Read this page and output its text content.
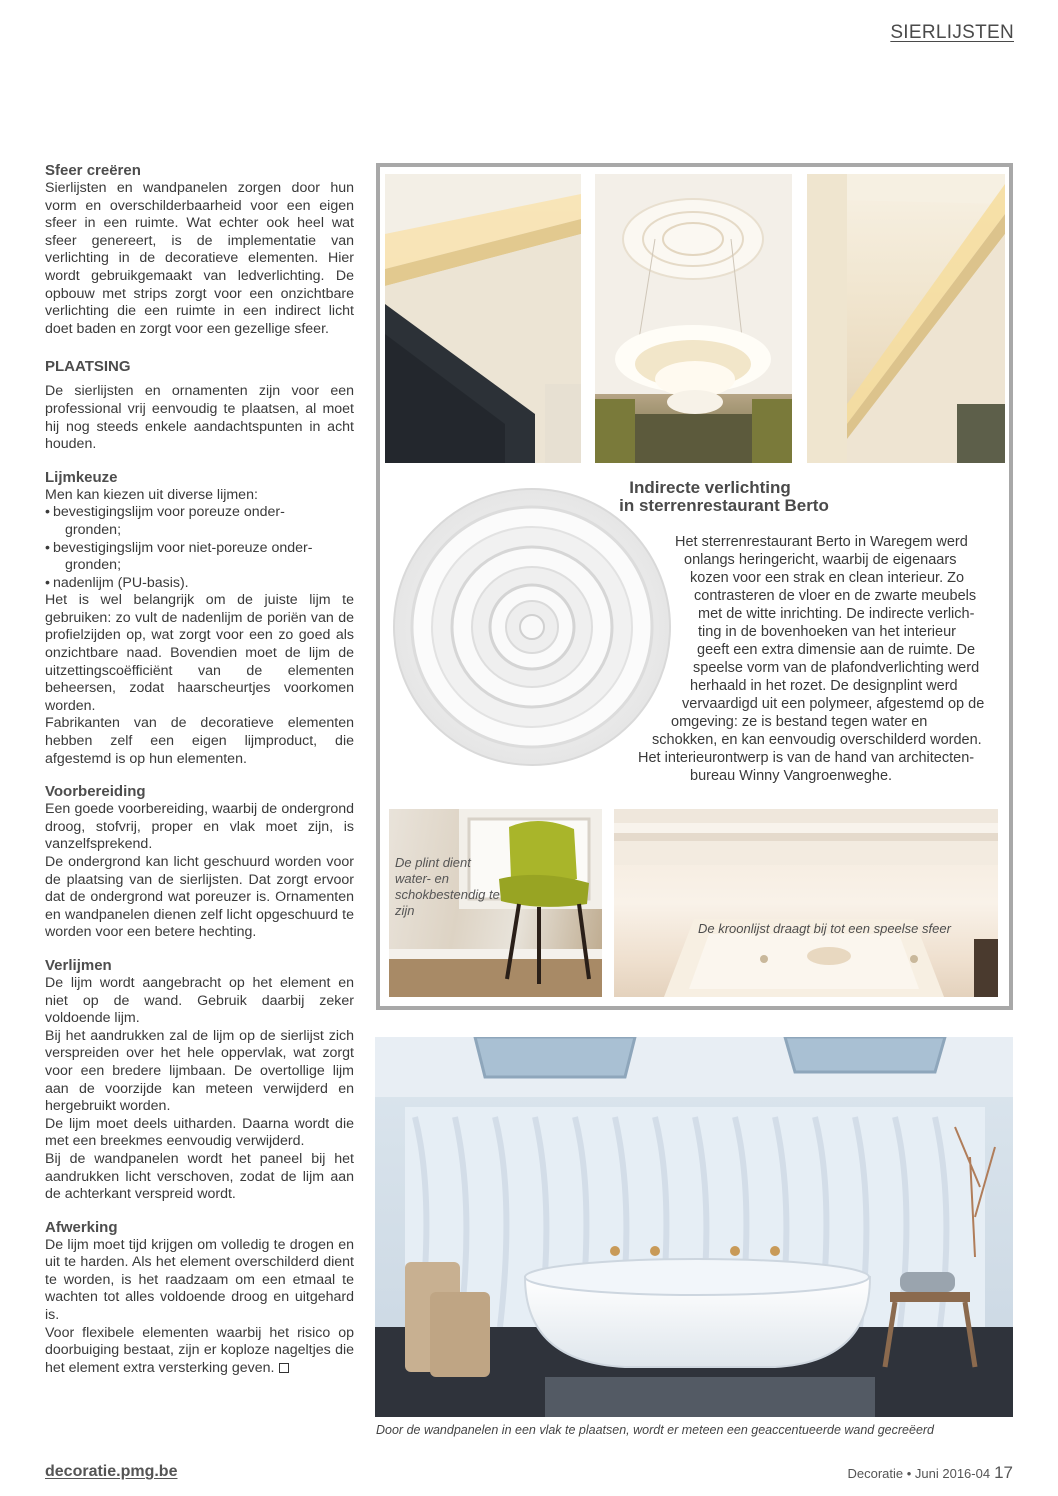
SIERLIJSTEN
Sfeer creëren

Sierlijsten en wandpanelen zorgen door hun vorm en overschilderbaarheid voor een eigen sfeer in een ruimte. Wat echter ook heel wat sfeer genereert, is de implementatie van verlichting in de decoratieve elementen. Hier wordt gebruikgemaakt van ledverlichting. De opbouw met strips zorgt voor een onzichtbare verlichting die een ruimte in een indirect licht doet baden en zorgt voor een gezellige sfeer.

PLAATSING

De sierlijsten en ornamenten zijn voor een professional vrij eenvoudig te plaatsen, al moet hij nog steeds enkele aandachtspunten in acht houden.

Lijmkeuze

Men kan kiezen uit diverse lijmen:

• bevestigingslijm voor poreuze onder-
gronden;
• bevestigingslijm voor niet-poreuze onder-
gronden;
• nadenlijm (PU-basis).

Het is wel belangrijk om de juiste lijm te gebruiken: zo vult de nadenlijm de poriën van de profielzijden op, wat zorgt voor een zo goed als onzichtbare naad. Bovendien moet de lijm de uitzettingscoëfficiënt van de elementen beheersen, zodat haarscheurtjes voorkomen worden.

Fabrikanten van de decoratieve elementen hebben zelf een eigen lijmproduct, die afgestemd is op hun elementen.

Voorbereiding

Een goede voorbereiding, waarbij de ondergrond droog, stofvrij, proper en vlak moet zijn, is vanzelfsprekend.

De ondergrond kan licht geschuurd worden voor de plaatsing van de sierlijsten. Dat zorgt ervoor dat de ondergrond wat poreuzer is. Ornamenten en wandpanelen dienen zelf licht opgeschuurd te worden voor een betere hechting.

Verlijmen

De lijm wordt aangebracht op het element en niet op de wand. Gebruik daarbij zeker voldoende lijm.

Bij het aandrukken zal de lijm op de sierlijst zich verspreiden over het hele oppervlak, wat zorgt voor een bredere lijmbaan. De overtollige lijm aan de voorzijde kan meteen verwijderd en hergebruikt worden.

De lijm moet deels uitharden. Daarna wordt die met een breekmes eenvoudig verwijderd.

Bij de wandpanelen wordt het paneel bij het aandrukken licht verschoven, zodat de lijm aan de achterkant verspreid wordt.

Afwerking

De lijm moet tijd krijgen om volledig te drogen en uit te harden. Als het element overschilderd dient te worden, is het raadzaam om een etmaal te wachten tot alles voldoende droog en uitgehard is.

Voor flexibele elementen waarbij het risico op doorbuiging bestaat, zijn er koploze nageltjes die het element extra versterking geven.

Indirecte verlichting
in sterrenrestaurant Berto
Het sterrenrestaurant Berto in Waregem werd
onlangs heringericht, waarbij de eigenaars
kozen voor een strak en clean interieur. Zo
contrasteren de vloer en de zwarte meubels
met de witte inrichting. De indirecte verlich-
ting in de bovenhoeken van het interieur
geeft een extra dimensie aan de ruimte. De
speelse vorm van de plafondverlichting werd
herhaald in het rozet. De designplint werd
vervaardigd uit een polymeer, afgestemd op de
omgeving: ze is bestand tegen water en
schokken, en kan eenvoudig overschilderd worden.
Het interieurontwerp is van de hand van architecten-
bureau Winny Vangroenweghe.
De plint dient water- en schokbestendig te zijn
De kroonlijst draagt bij tot een speelse sfeer
Door de wandpanelen in een vlak te plaatsen, wordt er meteen een geaccentueerde wand gecreëerd
decoratie.pmg.be	Decoratie • Juni 2016-04 17
